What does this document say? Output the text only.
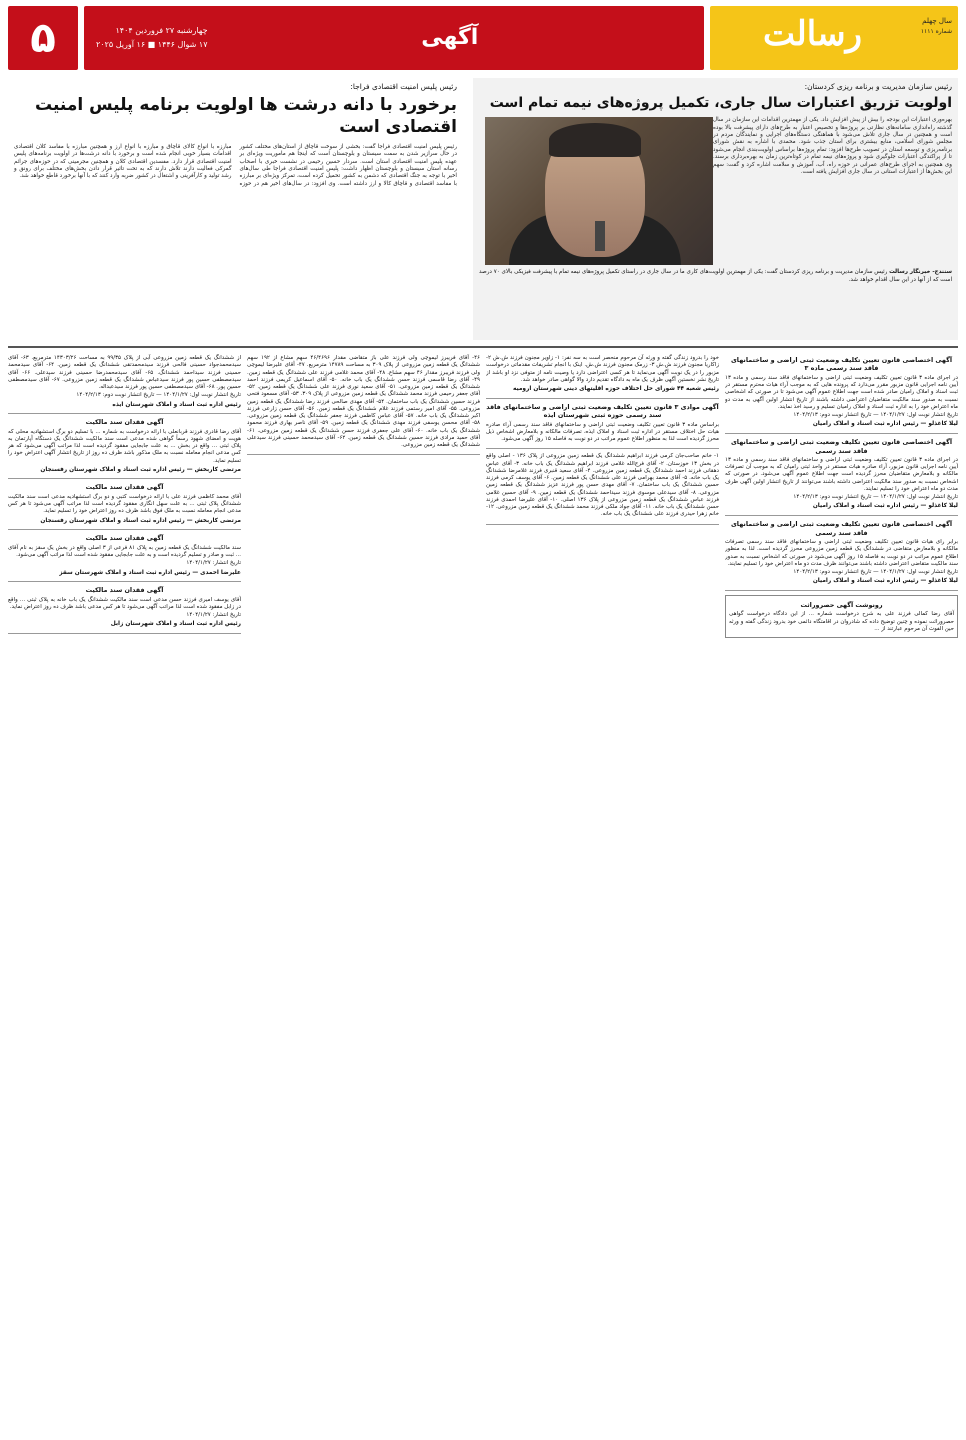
سال چهلم
شماره ۱۱۱۱
رسالت
آگهی
چهارشنبه ۲۷ فروردین ۱۴۰۴
۱۷ شوال ۱۴۴۶ ■ ۱۶ آوریل ۲۰۲۵
۵
رئیس سازمان مدیریت و برنامه ریزی کردستان:
اولویت تزریق اعتبارات سال جاری، تکمیل پروژه‌های نیمه تمام است
بهره‌وری اعتبارات این بودجه را بیش از پیش افزایش داد. یکی از مهمترین اقدامات این سازمان در سال گذشته راه‌اندازی سامانه‌های نظارتی بر پروژه‌ها و تخصیص اعتبار به طرح‌های دارای پیشرفت بالا بوده است و همچنین در سال جاری تلاش می‌شود با هماهنگی دستگاه‌های اجرایی و نمایندگان مردم در مجلس شورای اسلامی، منابع بیشتری برای استان جذب شود. محمدی با اشاره به نقش شورای برنامه‌ریزی و توسعه استان در تصویب طرح‌ها افزود: تمام پروژه‌ها براساس اولویت‌بندی انجام می‌شود تا از پراکندگی اعتبارات جلوگیری شود و پروژه‌های نیمه تمام در کوتاه‌ترین زمان به بهره‌برداری برسند. وی همچنین به اجرای طرح‌های عمرانی در حوزه راه، آب، آموزش و سلامت اشاره کرد و گفت: سهم این بخش‌ها از اعتبارات استانی در سال جاری افزایش یافته است.
سنندج- خبرنگار رسالت رئیس سازمان مدیریت و برنامه ریزی کردستان گفت: یکی از مهمترین اولویت‌های کاری ما در سال جاری در راستای تکمیل پروژه‌های نیمه تمام با پیشرفت فیزیکی بالای ۷۰ درصد است که از آنها در این سال اقدام خواهد شد.
رئیس پلیس امنیت اقتصادی فراجا:
برخورد با دانه درشت ها اولویت برنامه پلیس امنیت اقتصادی است
رئیس پلیس امنیت اقتصادی فراجا گفت: بخشی از سوخت قاچاق از استان‌های مختلف کشور در حال سرازیر شدن به سمت سیستان و بلوچستان است که اینجا هم ماموریت ویژه‌ای بر عهده پلیس امنیت اقتصادی استان است. سردار حسین رحیمی در نشست خبری با اصحاب رسانه استان سیستان و بلوچستان اظهار داشت: پلیس امنیت اقتصادی فراجا طی سال‌های اخیر با توجه به جنگ اقتصادی که دشمن به کشور تحمیل کرده است، تمرکز ویژه‌ای بر مبارزه با مفاسد اقتصادی و قاچاق کالا و ارز داشته است. وی افزود: در سال‌های اخیر هم در حوزه مبارزه با انواع کالای قاچاق و مبارزه با انواع ارز و همچنین مبارزه با مفاسد کلان اقتصادی اقدامات بسیار خوبی انجام شده است و برخورد با دانه درشت‌ها در اولویت برنامه‌های پلیس امنیت اقتصادی قرار دارد. مفسدین اقتصادی کلان و همچنین مجرمینی که در حوزه‌های جرائم گمرکی فعالیت دارند تلاش دارند که به تحت تاثیر قرار دادن بخش‌های مختلف برای رونق و رشد تولید و کارآفرینی و اشتغال در کشور ضربه وارد کنند که با آنها برخورد قاطع خواهد شد.
آگهی اختصاصی قانون تعیین تکلیف وضعیت ثبتی اراضی و ساختمانهای فاقد سند رسمی ماده ۳
در اجرای ماده ۳ قانون تعیین تکلیف وضعیت ثبتی اراضی و ساختمانهای فاقد سند رسمی و ماده ۱۳ آیین نامه اجرایی قانون مزبور مقرر می‌دارد که پرونده هایی که به موجب آراء هیات محترم مستقر در ثبت اسناد و املاک رامیان صادر شده است جهت اطلاع عموم آگهی می‌شود تا در صورتی که اشخاصی نسبت به صدور سند مالکیت متقاضیان اعتراضی داشته باشند از تاریخ انتشار اولین آگهی به مدت دو ماه اعتراض خود را به اداره ثبت اسناد و املاک رامیان تسلیم و رسید اخذ نمایند.
تاریخ انتشار نوبت اول: ۱۴۰۴/۱/۲۷ — تاریخ انتشار نوبت دوم: ۱۴۰۴/۲/۱۳
لیلا کاغذلو — رئیس اداره ثبت اسناد و املاک رامیان
آگهی اختصاصی قانون تعیین تکلیف وضعیت ثبتی اراضی و ساختمانهای فاقد سند رسمی
در اجرای ماده ۳ قانون تعیین تکلیف وضعیت ثبتی اراضی و ساختمانهای فاقد سند رسمی و ماده ۱۳ آیین نامه اجرایی قانون مزبور، آراء صادره هیات مستقر در واحد ثبتی رامیان که به موجب آن تصرفات مالکانه و بلامعارض متقاضیان محرز گردیده است جهت اطلاع عموم آگهی می‌شود. در صورتی که اشخاص نسبت به صدور سند مالکیت اعتراضی داشته باشند می‌توانند از تاریخ انتشار اولین آگهی ظرف مدت دو ماه اعتراض خود را تسلیم نمایند.
تاریخ انتشار نوبت اول: ۱۴۰۴/۱/۲۷ — تاریخ انتشار نوبت دوم: ۱۴۰۴/۲/۱۳
لیلا کاغذلو — رئیس اداره ثبت اسناد و املاک رامیان
آگهی اختصاصی قانون تعیین تکلیف وضعیت ثبتی اراضی و ساختمانهای فاقد سند رسمی
برابر رای هیات قانون تعیین تکلیف وضعیت ثبتی اراضی و ساختمانهای فاقد سند رسمی تصرفات مالکانه و بلامعارض متقاضی در ششدانگ یک قطعه زمین مزروعی محرز گردیده است. لذا به منظور اطلاع عموم مراتب در دو نوبت به فاصله ۱۵ روز آگهی می‌شود در صورتی که اشخاص نسبت به صدور سند مالکیت متقاضی اعتراضی داشته باشند می‌توانند ظرف مدت دو ماه اعتراض خود را تسلیم نمایند.
تاریخ انتشار نوبت اول: ۱۴۰۴/۱/۲۷ — تاریخ انتشار نوبت دوم: ۱۴۰۴/۲/۱۳
لیلا کاغذلو — رئیس اداره ثبت اسناد و املاک رامیان
رونوشت آگهی حصروراثت
آقای رضا کمالی فرزند علی به شرح درخواست شماره ... از این دادگاه درخواست گواهی حصروراثت نموده و چنین توضیح داده که شادروان در اقامتگاه دائمی خود بدرود زندگی گفته و ورثه حین الفوت آن مرحوم عبارتند از ...
خود را بدرود زندگی گفته و ورثه آن مرحوم منحصر است به سه نفر: ۱- زاویر مجنون فرزند ش.ش ۲- زاکاریا مجنون فرزند ش.ش ۳- زرمک مجنون فرزند ش.ش. اینک با انجام تشریفات مقدماتی درخواست مزبور را در یک نوبت آگهی می‌نماید تا هر کسی اعتراضی دارد یا وصیت نامه از متوفی نزد او باشد از تاریخ نشر نخستین آگهی ظرف یک ماه به دادگاه تقدیم دارد والا گواهی صادر خواهد شد.
رئیس شعبه ۴۴ شورای حل اختلاف حوزه اقلیتهای دینی شهرستان ارومیه
آگهی موادی ۳ قانون تعیین تکلیف وضعیت ثبتی اراضی و ساختمانهای فاقد سند رسمی حوزه ثبتی شهرستان ایذه
براساس ماده ۳ قانون تعیین تکلیف وضعیت ثبتی اراضی و ساختمانهای فاقد سند رسمی آراء صادره هیات حل اختلاف مستقر در اداره ثبت اسناد و املاک ایذه، تصرفات مالکانه و بلامعارض اشخاص ذیل محرز گردیده است لذا به منظور اطلاع عموم مراتب در دو نوبت به فاصله ۱۵ روز آگهی می‌شود.
۱- خانم صاحب‌جان کرمی فرزند ابراهیم ششدانگ یک قطعه زمین مزروعی از پلاک ۱۳۶ - اصلی واقع در بخش ۱۳ خوزستان. ۲- آقای فرج‌الله غلامی فرزند ابراهیم ششدانگ یک باب خانه. ۳- آقای عباس دهقانی فرزند احمد ششدانگ یک قطعه زمین مزروعی. ۴- آقای سعید قنبری فرزند غلامرضا ششدانگ یک باب خانه. ۵- آقای محمد بهرامی فرزند علی ششدانگ یک قطعه زمین. ۶- آقای یوسف کرمی فرزند حسین ششدانگ یک باب ساختمان. ۷- آقای مهدی حسن پور فرزند عزیز ششدانگ یک قطعه زمین مزروعی. ۸- آقای سیدعلی موسوی فرزند سیداحمد ششدانگ یک قطعه زمین. ۹- آقای حسین غلامی فرزند عباس ششدانگ یک قطعه زمین مزروعی از پلاک ۱۳۶ اصلی. ۱۰- آقای علیرضا احمدی فرزند حسن ششدانگ یک باب خانه. ۱۱- آقای جواد ملکی فرزند محمد ششدانگ یک قطعه زمین مزروعی. ۱۲- خانم زهرا حیدری فرزند علی ششدانگ یک باب خانه.
۴۶- آقای فریبرز لیموچی ولی فرزند علی باز متقاضی مقدار ۴۶/۴۶۹۶ سهم مشاع از ۱۹۲ سهم ششدانگ یک قطعه زمین مزروعی از پلاک ۳۰۹ به مساحت ۱۴۷۸۹ مترمربع. ۴۷- آقای علیرضا لیموچی ولی فرزند فریبرز مقدار ۴۶ سهم مشاع. ۴۸- آقای محمد غلامی فرزند علی ششدانگ یک قطعه زمین. ۴۹- آقای رضا قاسمی فرزند حسن ششدانگ یک باب خانه. ۵۰- آقای اسماعیل کریمی فرزند احمد ششدانگ یک قطعه زمین مزروعی. ۵۱- آقای سعید نوری فرزند علی ششدانگ یک قطعه زمین. ۵۲- آقای جعفر رحیمی فرزند محمد ششدانگ یک قطعه زمین مزروعی از پلاک ۳۰۹. ۵۳- آقای مسعود فتحی فرزند حسین ششدانگ یک باب ساختمان. ۵۴- آقای مهدی صالحی فرزند رضا ششدانگ یک قطعه زمین مزروعی. ۵۵- آقای امیر رستمی فرزند غلام ششدانگ یک قطعه زمین. ۵۶- آقای حسن زارعی فرزند اکبر ششدانگ یک باب خانه. ۵۷- آقای عباس کاظمی فرزند جعفر ششدانگ یک قطعه زمین مزروعی. ۵۸- آقای محسن یوسفی فرزند مهدی ششدانگ یک قطعه زمین. ۵۹- آقای ناصر بهاری فرزند محمود ششدانگ یک باب خانه. ۶۰- آقای علی جعفری فرزند حسن ششدانگ یک قطعه زمین مزروعی. ۶۱- آقای حمید مرادی فرزند حسین ششدانگ یک قطعه زمین. ۶۲- آقای سیدمحمد حسینی فرزند سیدعلی ششدانگ یک قطعه زمین مزروعی.
از ششدانگ یک قطعه زمین مزروعی آبی از پلاک ۹۹/۳۵ به مساحت ۱۴۳۰۳/۲۶ مترمربع. ۶۳- آقای سیدمحمدجواد حسینی فالحی فرزند سیدمحمدتقی ششدانگ یک قطعه زمین. ۶۴- آقای سیدمحمد حسینی فرزند سیداحمد ششدانگ. ۶۵- آقای سیدمحمدرضا حسینی فرزند سیدعلی. ۶۶- آقای سیدمصطفی حسین پور فرزند سیدعباس ششدانگ یک قطعه زمین مزروعی. ۶۷- آقای سیدمصطفی حسین پور. ۶۸- آقای سیدمصطفی حسین پور فرزند سیدعبداله.
تاریخ انتشار نوبت اول: ۱۴۰۴/۱/۲۷ — تاریخ انتشار نوبت دوم: ۱۴۰۴/۲/۱۳
رئیس اداره ثبت اسناد و املاک شهرستان ایذه
آگهی فقدان سند مالکیت
آقای رضا قادری فرزند قربانعلی با ارائه درخواست به شماره ... با تسلیم دو برگ استشهادیه محلی که هویت و امضای شهود رسماً گواهی شده مدعی است سند مالکیت ششدانگ یک دستگاه آپارتمان به پلاک ثبتی ... واقع در بخش ... به علت جابجایی مفقود گردیده است لذا مراتب آگهی می‌شود که هر کس مدعی انجام معامله نسبت به ملک مذکور باشد ظرف ده روز از تاریخ انتشار آگهی اعتراض خود را تسلیم نماید.
مرتضی کاربخش — رئیس اداره ثبت اسناد و املاک شهرستان رفسنجان
آگهی فقدان سند مالکیت
آقای محمد کاظمی فرزند علی با ارائه درخواست کتبی و دو برگ استشهادیه مدعی است سند مالکیت ششدانگ پلاک ثبتی ... به علت سهل انگاری مفقود گردیده است لذا مراتب آگهی می‌شود تا هر کس مدعی انجام معامله نسبت به ملک فوق باشد ظرف ده روز اعتراض خود را تسلیم نماید.
مرتضی کاربخش — رئیس اداره ثبت اسناد و املاک شهرستان رفسنجان
آگهی فقدان سند مالکیت
سند مالکیت ششدانگ یک قطعه زمین به پلاک ۸۱ فرعی از ۳ اصلی واقع در بخش یک سقز به نام آقای ... ثبت و صادر و تسلیم گردیده است و به علت جابجایی مفقود شده است لذا مراتب آگهی می‌شود.
تاریخ انتشار: ۱۴۰۴/۱/۲۷
علیرضا احمدی — رئیس اداره ثبت اسناد و املاک شهرستان سقز
آگهی فقدان سند مالکیت
آقای یوسف امیری فرزند حسن مدعی است سند مالکیت ششدانگ یک باب خانه به پلاک ثبتی ... واقع در زابل مفقود شده است لذا مراتب آگهی می‌شود تا هر کس مدعی باشد ظرف ده روز اعتراض نماید.
تاریخ انتشار: ۱۴۰۴/۱/۲۷
رئیس اداره ثبت اسناد و املاک شهرستان زابل
